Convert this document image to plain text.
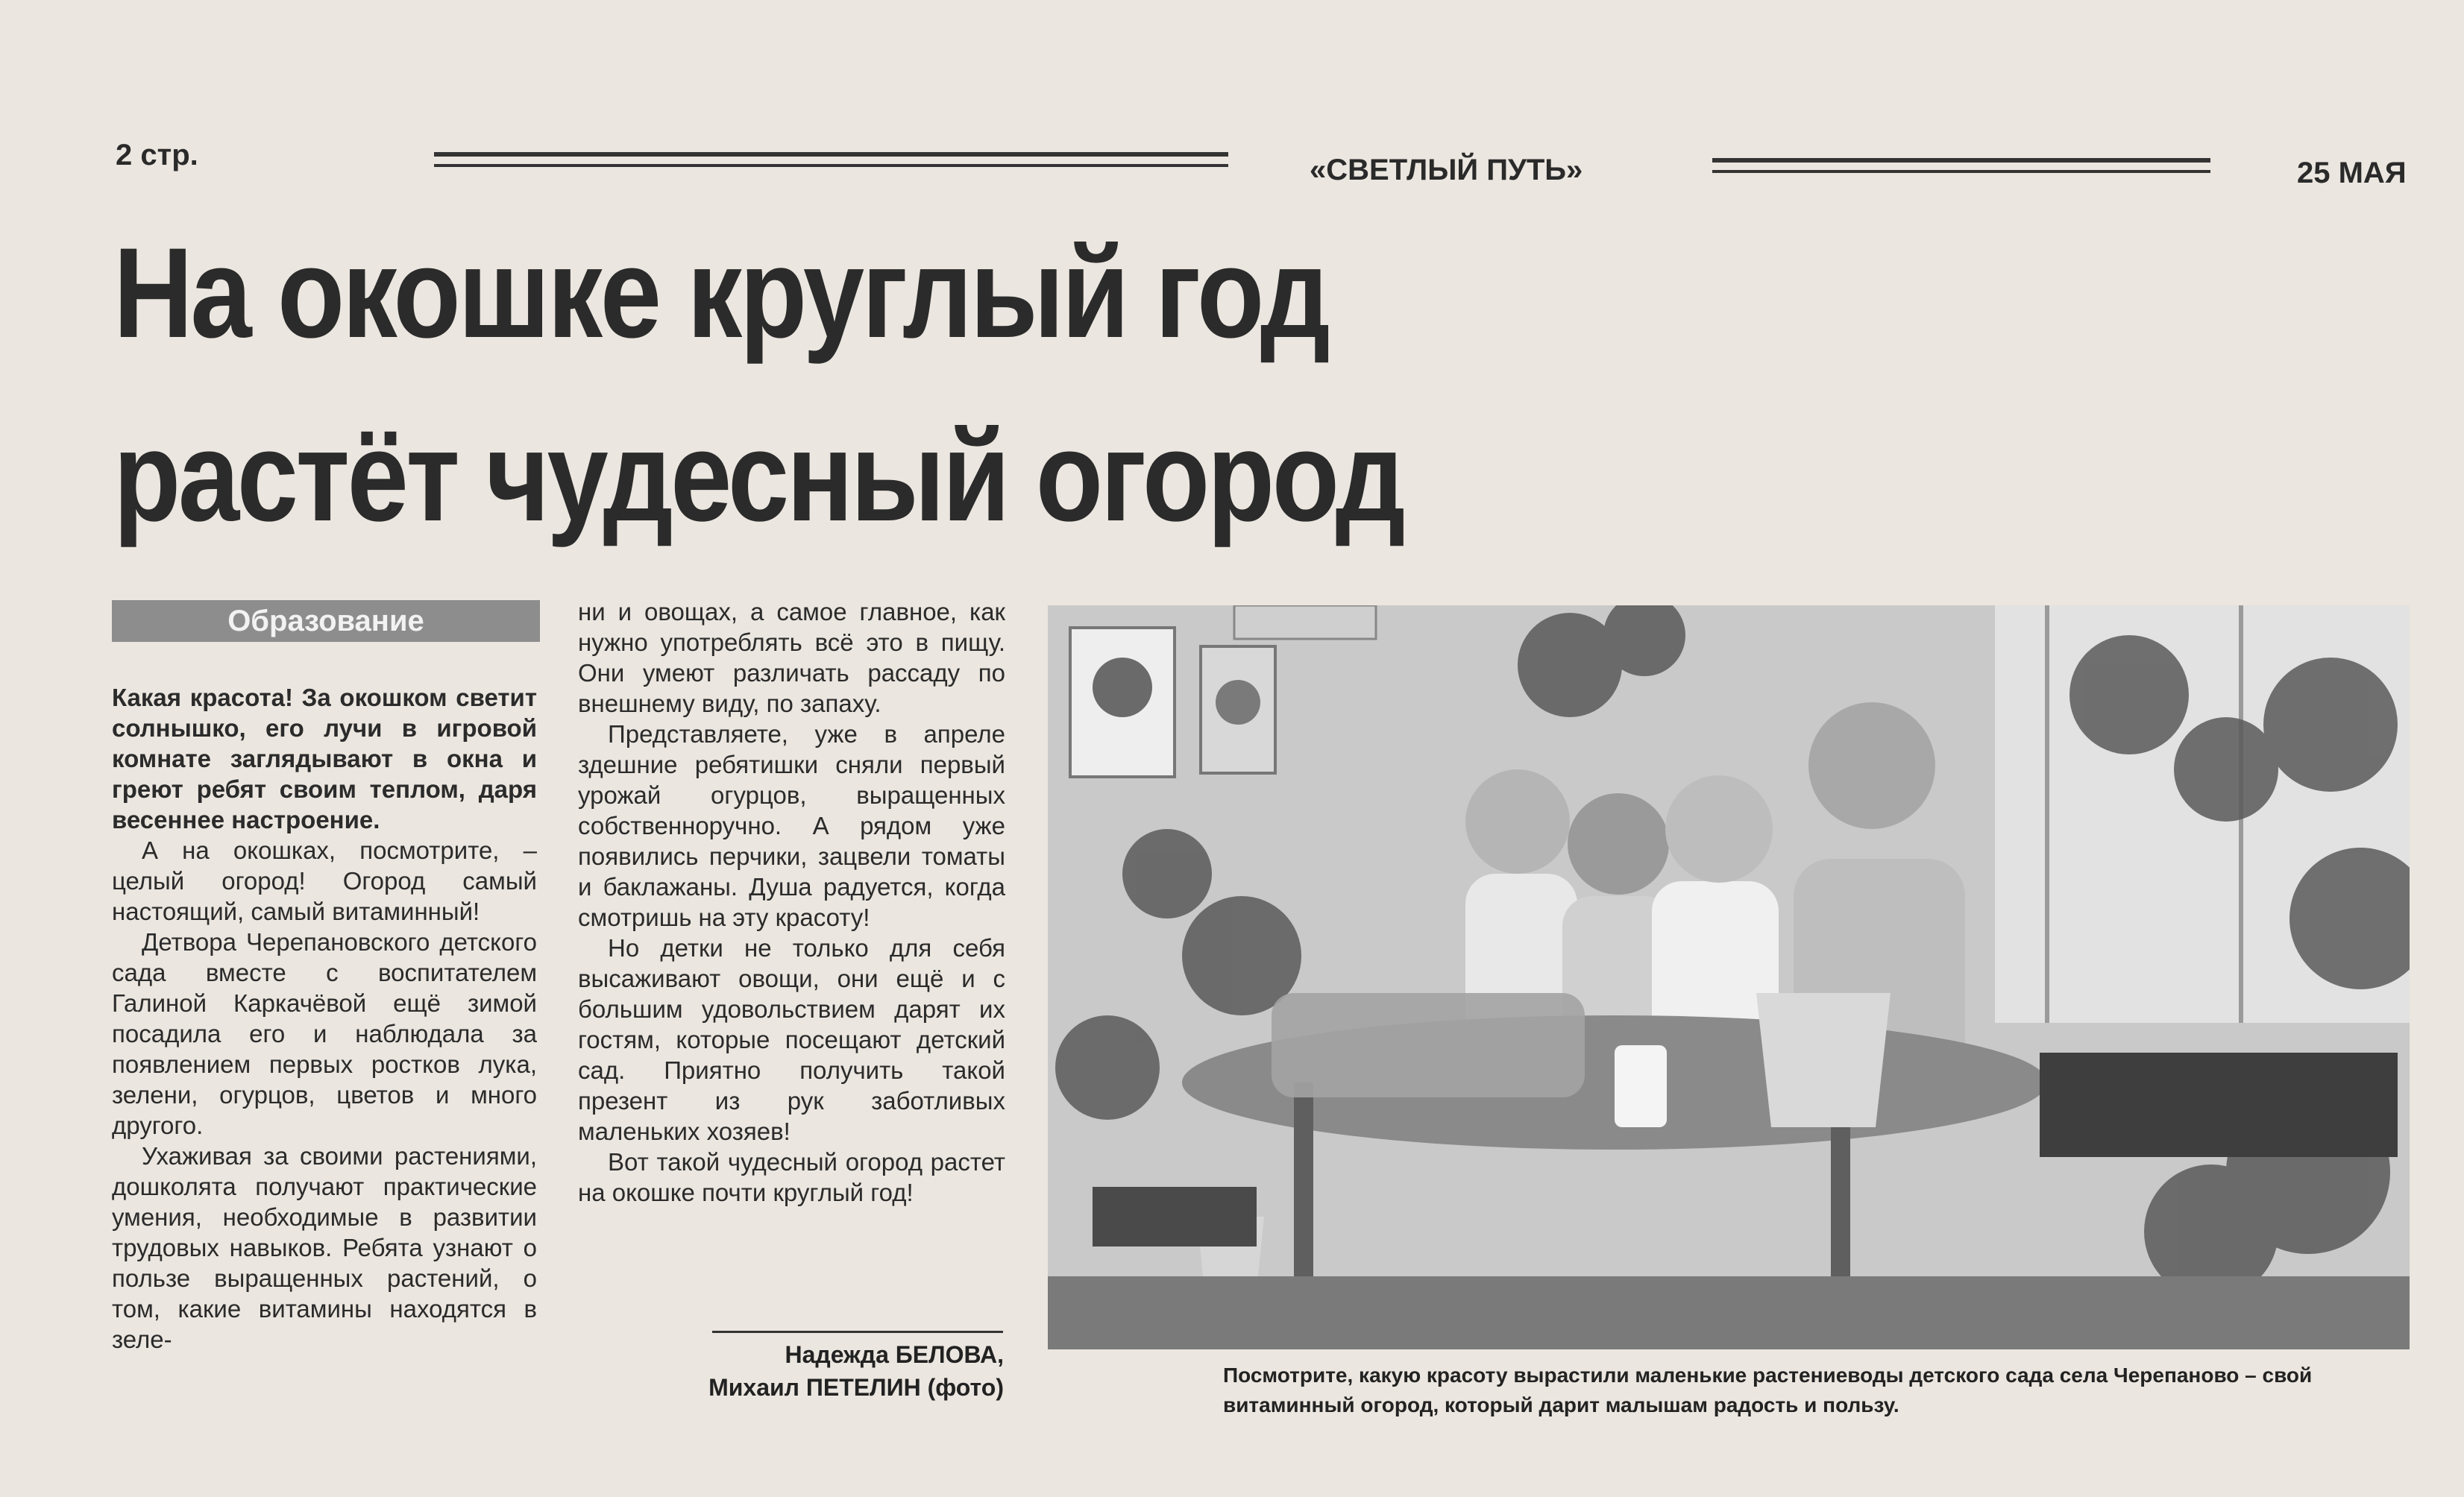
2 стр.	«СВЕТЛЫЙ ПУТЬ»	25 МАЯ
На окошке круглый год
растёт чудесный огород
Образование

Какая красота! За окошком светит солнышко, его лучи в игровой комнате заглядывают в окна и греют ребят своим теплом, даря весеннее настроение.

А на окошках, посмотрите, – целый огород! Огород самый настоящий, самый витаминный!

Детвора Черепановского детского сада вместе с воспитателем Галиной Каркачёвой ещё зимой посадила его и наблюдала за появлением первых ростков лука, зелени, огурцов, цветов и много другого.

Ухаживая за своими растениями, дошколята получают практические умения, необходимые в развитии трудовых навыков. Ребята узнают о пользе выращенных растений, о том, какие витамины находятся в зеле-

ни и овощах, а самое главное, как нужно употреблять всё это в пищу. Они умеют различать рассаду по внешнему виду, по запаху.

Представляете, уже в апреле здешние ребятишки сняли первый урожай огурцов, выращенных собственноручно. А рядом уже появились перчики, зацвели томаты и баклажаны. Душа радуется, когда смотришь на эту красоту!

Но детки не только для себя высаживают овощи, они ещё и с большим удовольствием дарят их гостям, которые посещают детский сад. Приятно получить такой презент из рук заботливых маленьких хозяев!

Вот такой чудесный огород растет на окошке почти круглый год!

Надежда БЕЛОВА,
Михаил ПЕТЕЛИН (фото)	Посмотрите, какую красоту вырастили маленькие растениеводы детского сада села Черепаново – свой витаминный огород, который дарит малышам радость и пользу.
